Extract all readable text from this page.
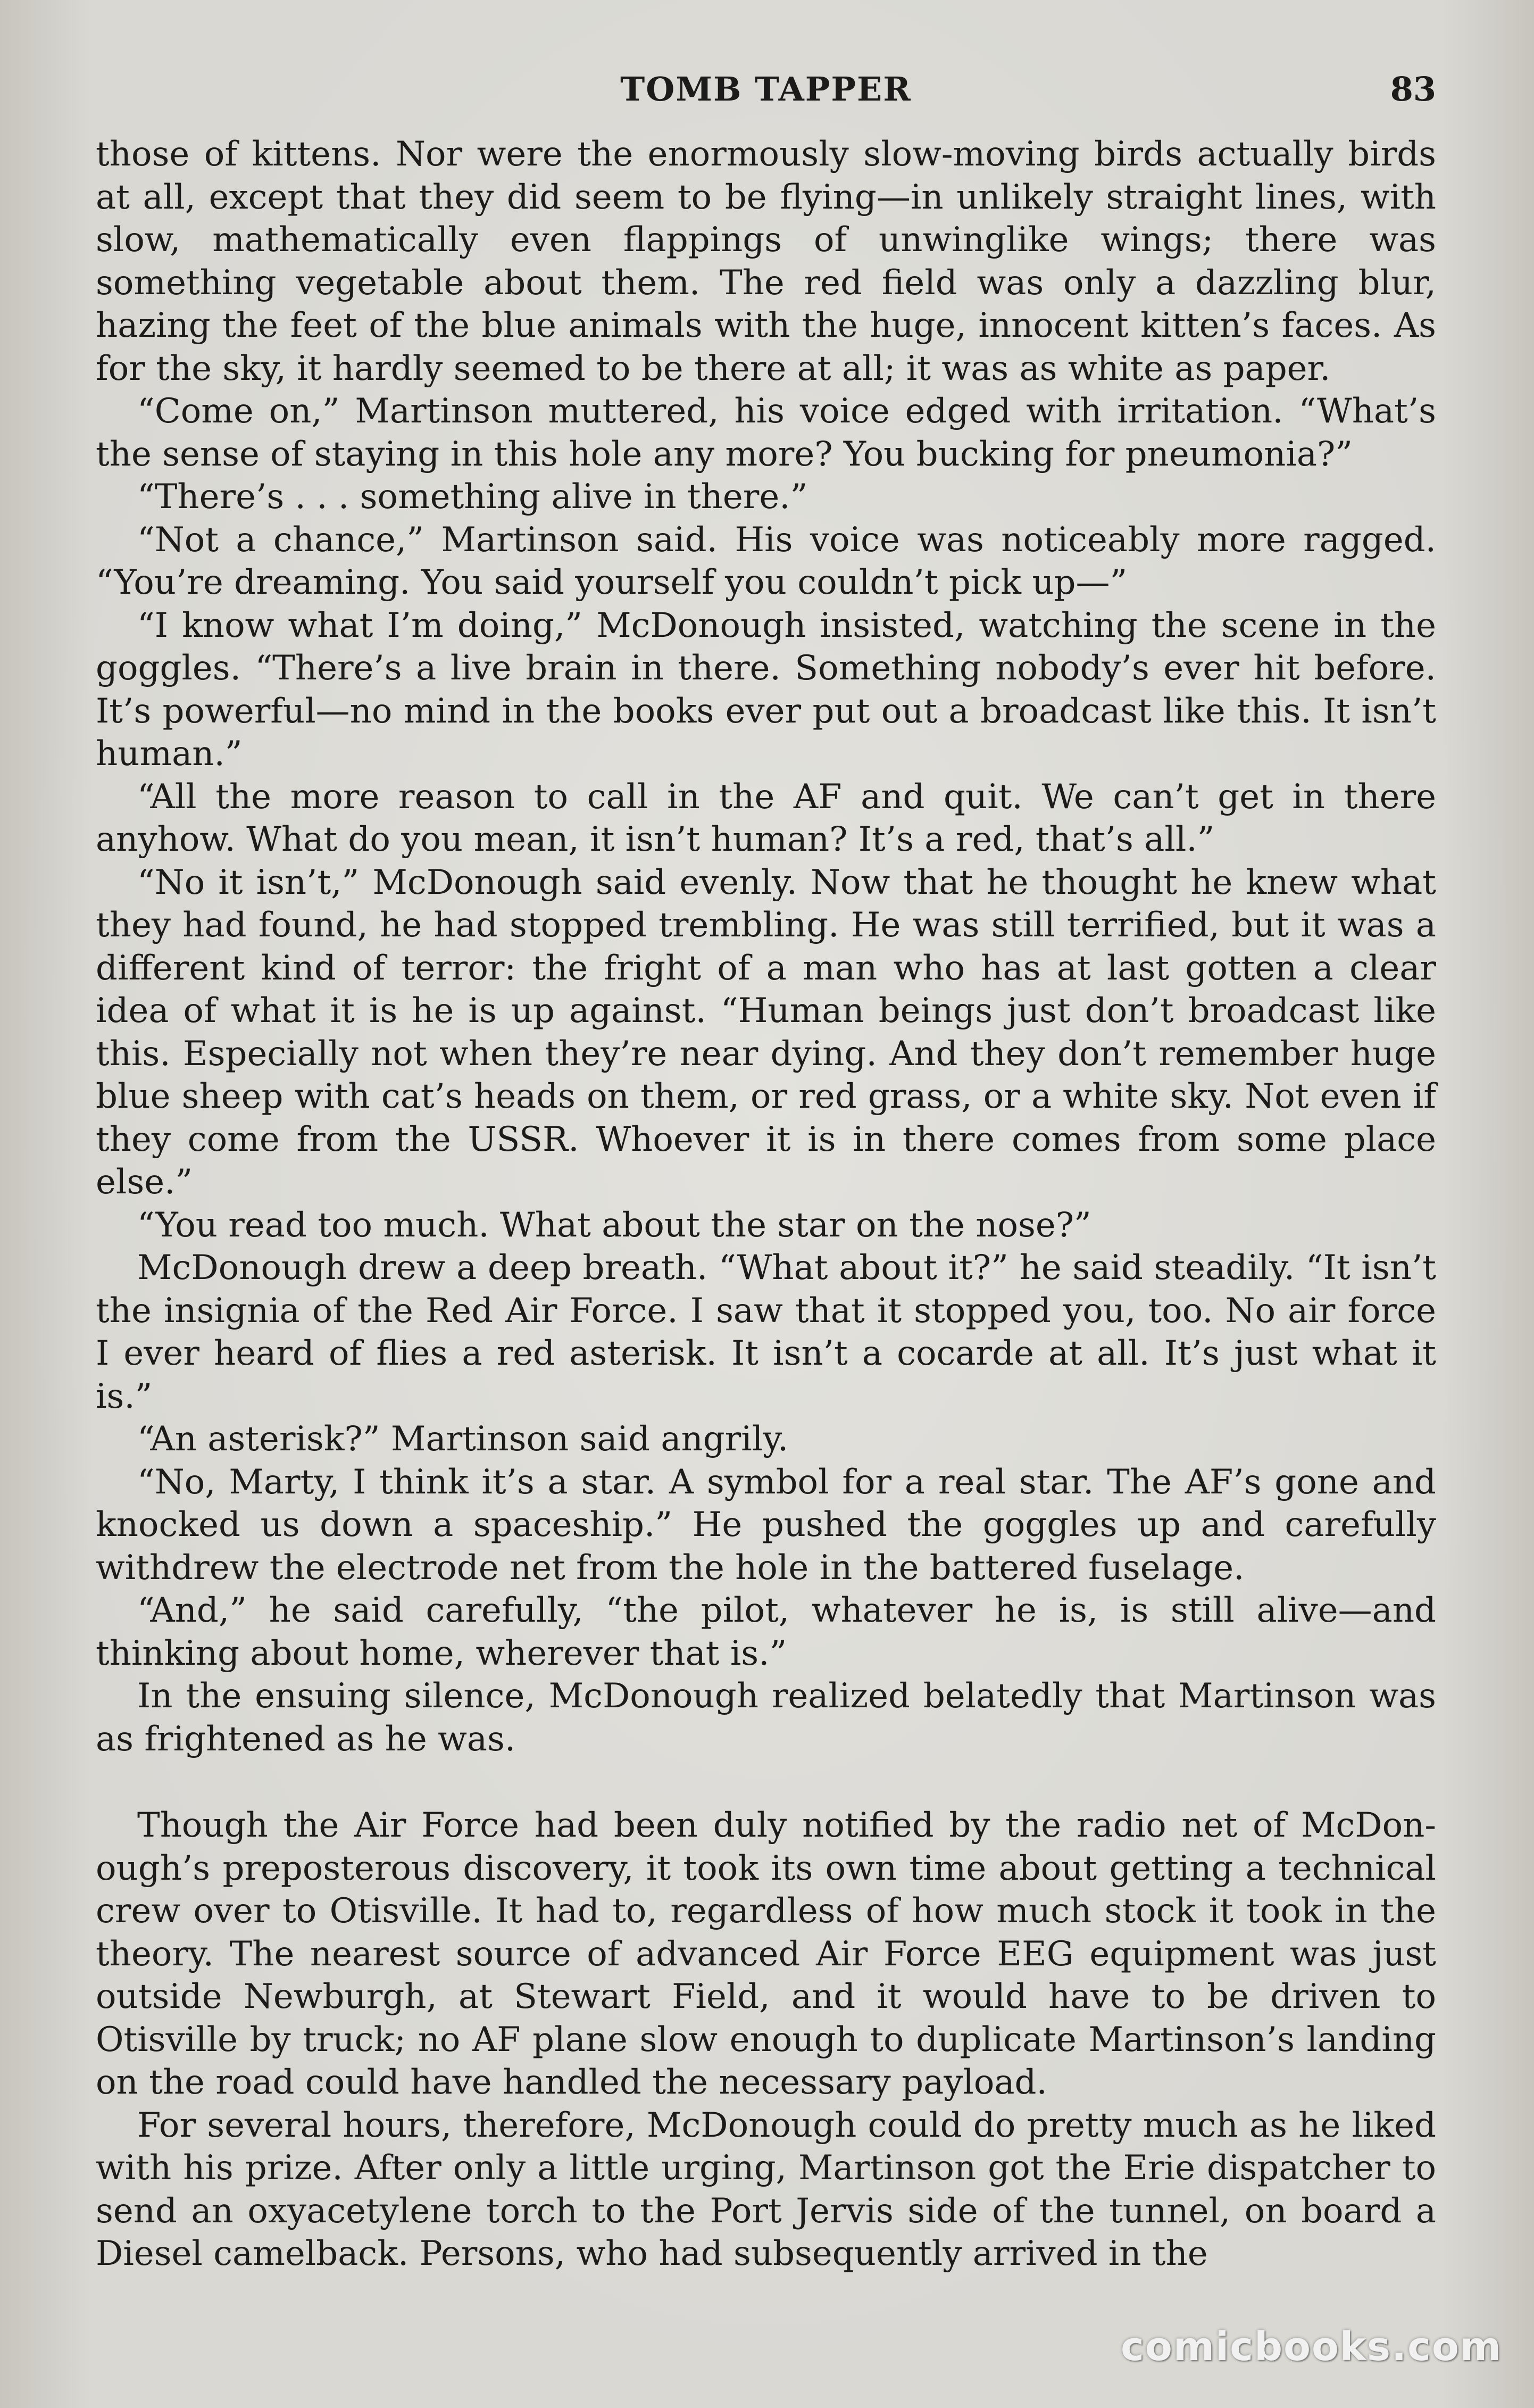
TOMB TAPPER	83

those of kittens. Nor were the enormously slow-moving birds actually birds at all, except that they did seem to be flying—in unlikely straight lines, with slow, mathematically even flappings of unwinglike wings; there was something vegetable about them. The red field was only a dazzling blur, hazing the feet of the blue animals with the huge, innocent kitten’s faces. As for the sky, it hardly seemed to be there at all; it was as white as paper.

“Come on,” Martinson muttered, his voice edged with irritation. “What’s the sense of staying in this hole any more? You bucking for pneumonia?”

“There’s . . . something alive in there.”

“Not a chance,” Martinson said. His voice was noticeably more ragged. “You’re dreaming. You said yourself you couldn’t pick up—”

“I know what I’m doing,” McDonough insisted, watching the scene in the goggles. “There’s a live brain in there. Something nobody’s ever hit before. It’s powerful—no mind in the books ever put out a broadcast like this. It isn’t human.”

“All the more reason to call in the AF and quit. We can’t get in there anyhow. What do you mean, it isn’t human? It’s a red, that’s all.”

“No it isn’t,” McDonough said evenly. Now that he thought he knew what they had found, he had stopped trembling. He was still terrified, but it was a different kind of terror: the fright of a man who has at last gotten a clear idea of what it is he is up against. “Human beings just don’t broadcast like this. Especially not when they’re near dying. And they don’t remember huge blue sheep with cat’s heads on them, or red grass, or a white sky. Not even if they come from the USSR. Whoever it is in there comes from some place else.”

“You read too much. What about the star on the nose?”

McDonough drew a deep breath. “What about it?” he said steadily. “It isn’t the insignia of the Red Air Force. I saw that it stopped you, too. No air force I ever heard of flies a red asterisk. It isn’t a cocarde at all. It’s just what it is.”

“An asterisk?” Martinson said angrily.

“No, Marty, I think it’s a star. A symbol for a real star. The AF’s gone and knocked us down a spaceship.” He pushed the goggles up and carefully withdrew the electrode net from the hole in the battered fuselage.

“And,” he said carefully, “the pilot, whatever he is, is still alive—and thinking about home, wherever that is.”

In the ensuing silence, McDonough realized belatedly that Martinson was as frightened as he was.

Though the Air Force had been duly notified by the radio net of McDonough’s preposterous discovery, it took its own time about getting a technical crew over to Otisville. It had to, regardless of how much stock it took in the theory. The nearest source of advanced Air Force EEG equipment was just outside Newburgh, at Stewart Field, and it would have to be driven to Otisville by truck; no AF plane slow enough to duplicate Martinson’s landing on the road could have handled the necessary payload.

For several hours, therefore, McDonough could do pretty much as he liked with his prize. After only a little urging, Martinson got the Erie dispatcher to send an oxyacetylene torch to the Port Jervis side of the tunnel, on board a Diesel camelback. Persons, who had subsequently arrived in the

comicbooks.com
